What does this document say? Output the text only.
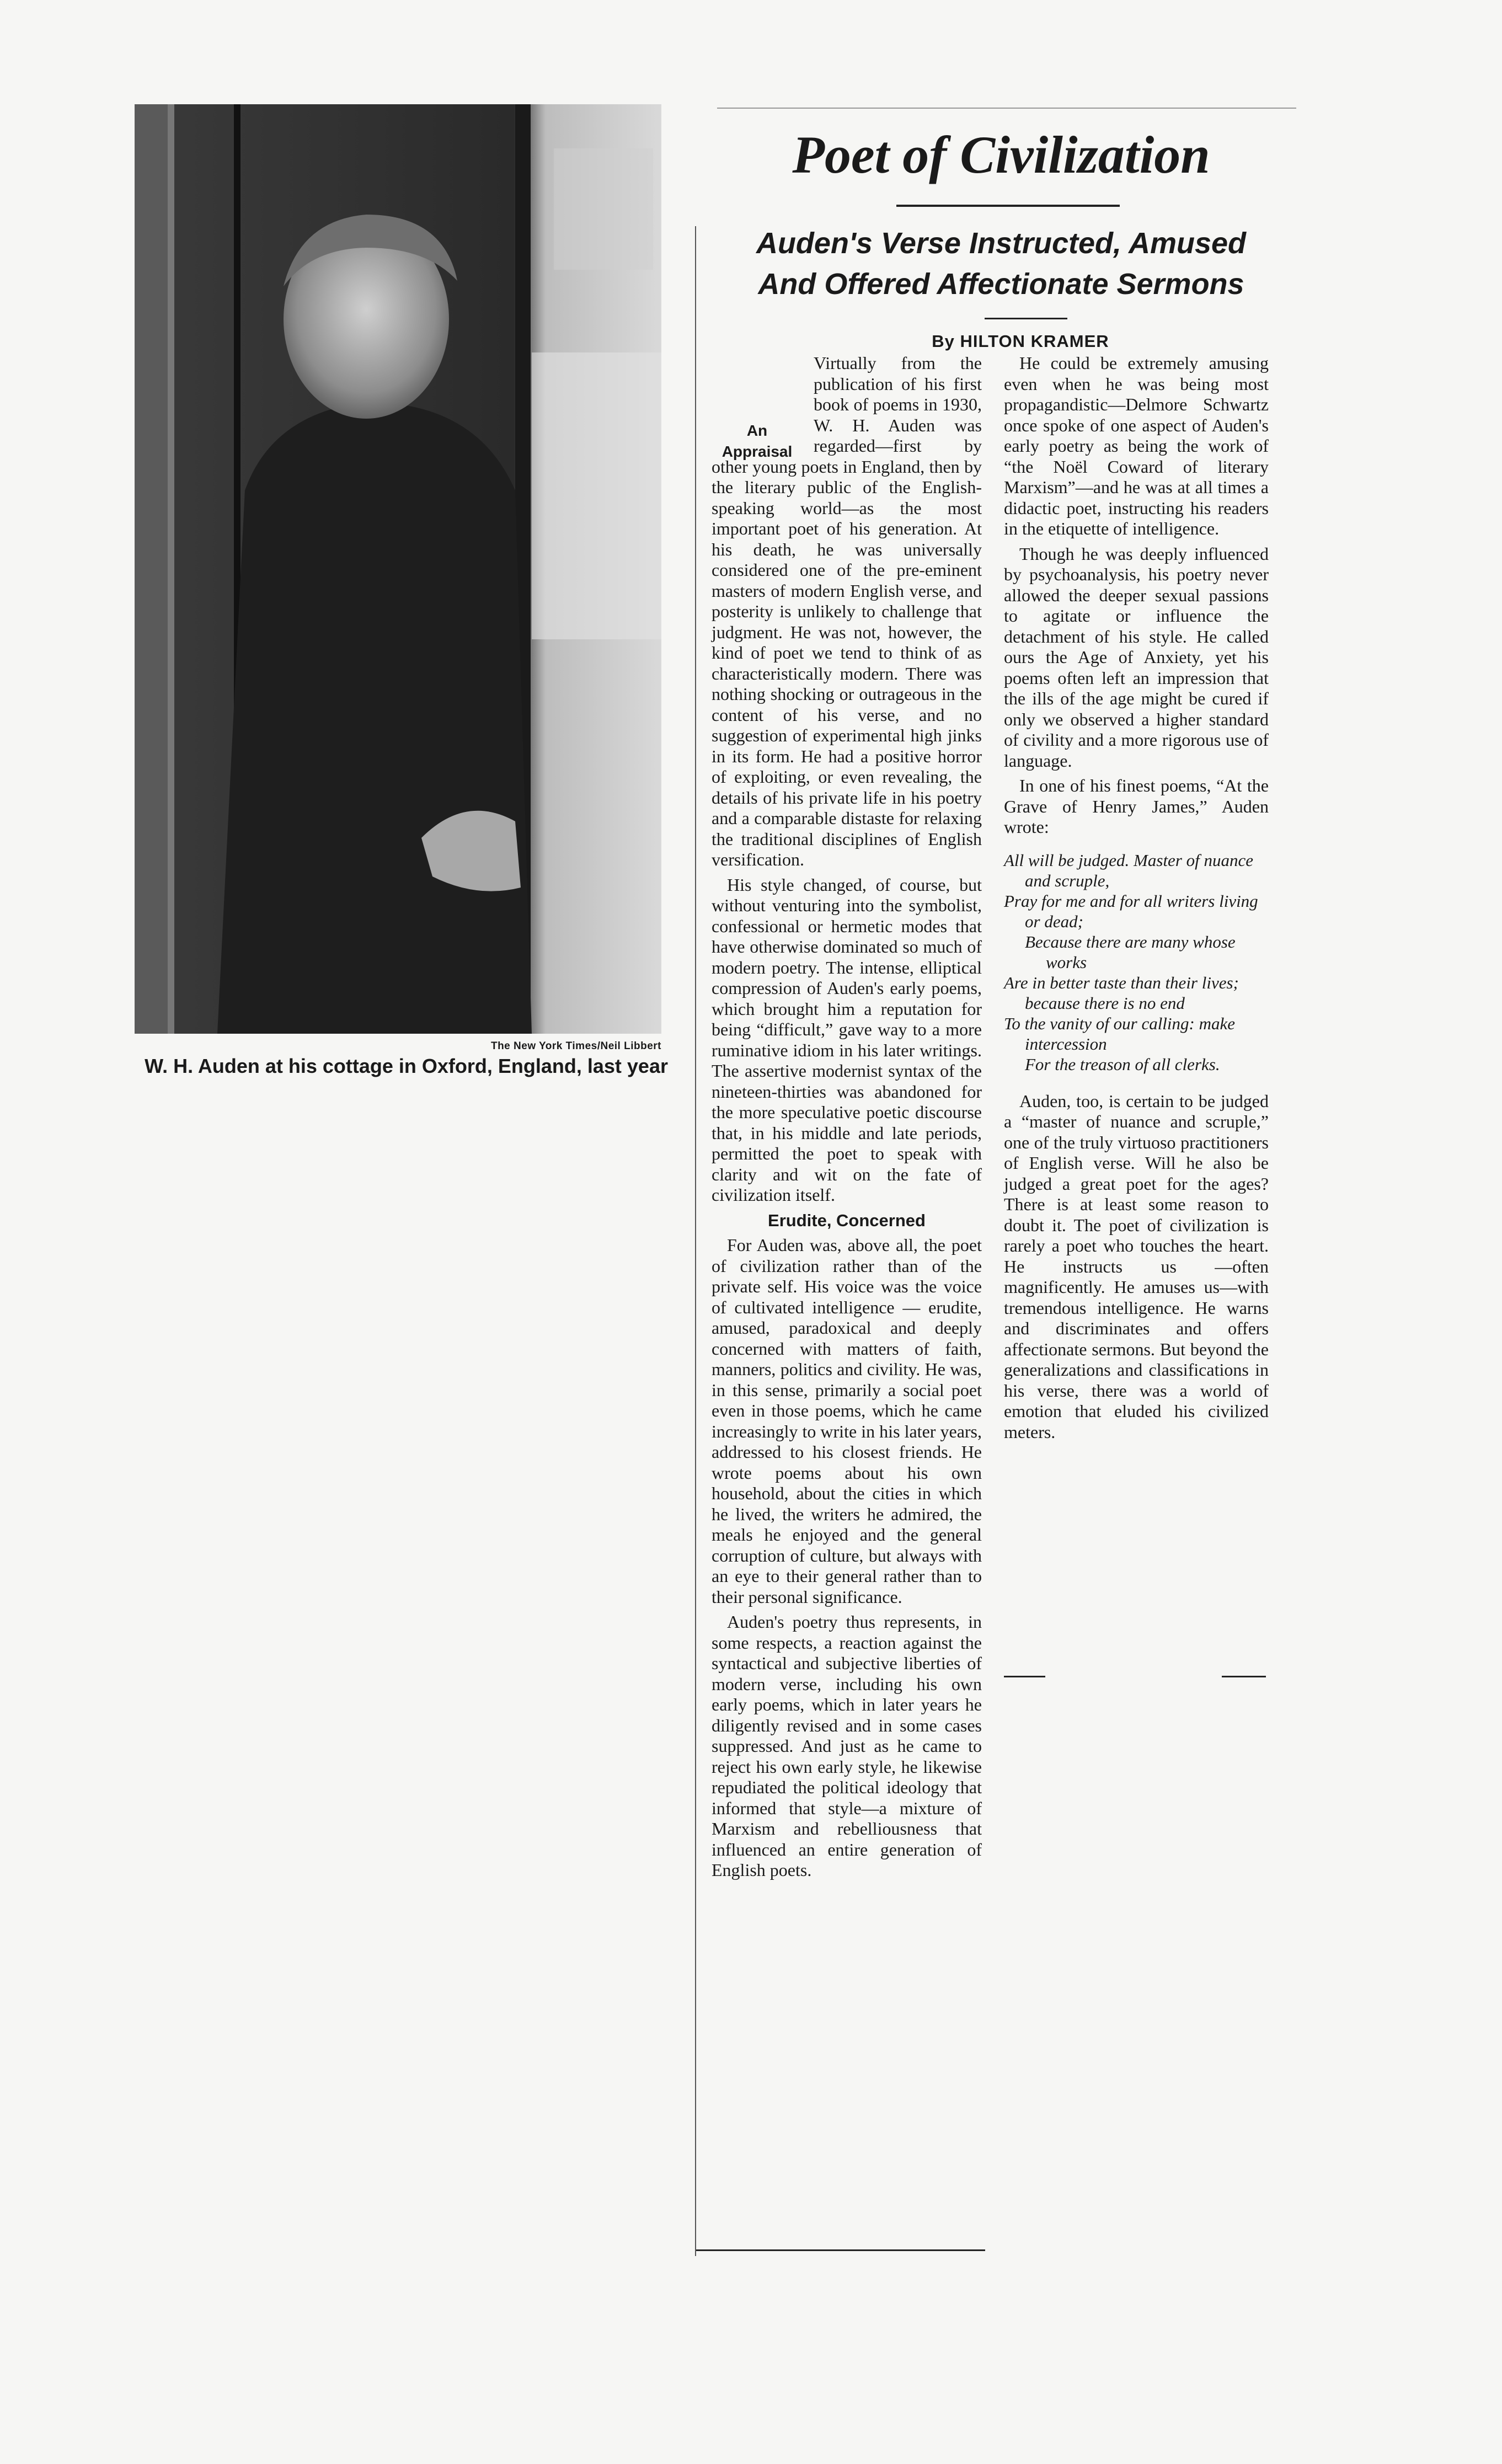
The New York Times/Neil Libbert

W. H. Auden at his cottage in Oxford, England, last year

Poet of Civilization
Auden's Verse Instructed, Amused
And Offered Affectionate Sermons

By HILTON KRAMER

An
Appraisal
Virtually from the publication of his first book of poems in 1930, W. H. Auden was regarded—first by other young poets in England, then by the literary public of the English-speaking world—as the most important poet of his generation. At his death, he was universally considered one of the pre-eminent masters of modern English verse, and posterity is unlikely to challenge that judgment. He was not, however, the kind of poet we tend to think of as characteristically modern. There was nothing shocking or outrageous in the content of his verse, and no suggestion of experimental high jinks in its form. He had a positive horror of exploiting, or even revealing, the details of his private life in his poetry and a comparable distaste for relaxing the traditional disciplines of English versification.

His style changed, of course, but without venturing into the symbolist, confessional or hermetic modes that have otherwise dominated so much of modern poetry. The intense, elliptical compression of Auden's early poems, which brought him a reputation for being “difficult,” gave way to a more ruminative idiom in his later writings. The assertive modernist syntax of the nineteen-thirties was abandoned for the more speculative poetic discourse that, in his middle and late periods, permitted the poet to speak with clarity and wit on the fate of civilization itself.

Erudite, Concerned

For Auden was, above all, the poet of civilization rather than of the private self. His voice was the voice of cultivated intelligence — erudite, amused, paradoxical and deeply concerned with matters of faith, manners, politics and civility. He was, in this sense, primarily a social poet even in those poems, which he came increasingly to write in his later years, addressed to his closest friends. He wrote poems about his own household, about the cities in which he lived, the writers he admired, the meals he enjoyed and the general corruption of culture, but always with an eye to their general rather than to their personal significance.

Auden's poetry thus represents, in some respects, a reaction against the syntactical and subjective liberties of modern verse, including his own early poems, which in later years he diligently revised and in some cases suppressed. And just as he came to reject his own early style, he likewise repudiated the political ideology that informed that style—a mixture of Marxism and rebelliousness that influenced an entire generation of English poets.

He could be extremely amusing even when he was being most propagandistic—Delmore Schwartz once spoke of one aspect of Auden's early poetry as being the work of “the Noël Coward of literary Marxism”—and he was at all times a didactic poet, instructing his readers in the etiquette of intelligence.

Though he was deeply influenced by psychoanalysis, his poetry never allowed the deeper sexual passions to agitate or influence the detachment of his style. He called ours the Age of Anxiety, yet his poems often left an impression that the ills of the age might be cured if only we observed a higher standard of civility and a more rigorous use of language.

In one of his finest poems, “At the Grave of Henry James,” Auden wrote:

All will be judged. Master of nuance and scruple,
Pray for me and for all writers living or dead;
Because there are many whose works
Are in better taste than their lives; because there is no end
To the vanity of our calling: make intercession
For the treason of all clerks.

Auden, too, is certain to be judged a “master of nuance and scruple,” one of the truly virtuoso practitioners of English verse. Will he also be judged a great poet for the ages? There is at least some reason to doubt it. The poet of civilization is rarely a poet who touches the heart. He instructs us —often magnificently. He amuses us—with tremendous intelligence. He warns and discriminates and offers affectionate sermons. But beyond the generalizations and classifications in his verse, there was a world of emotion that eluded his civilized meters.
